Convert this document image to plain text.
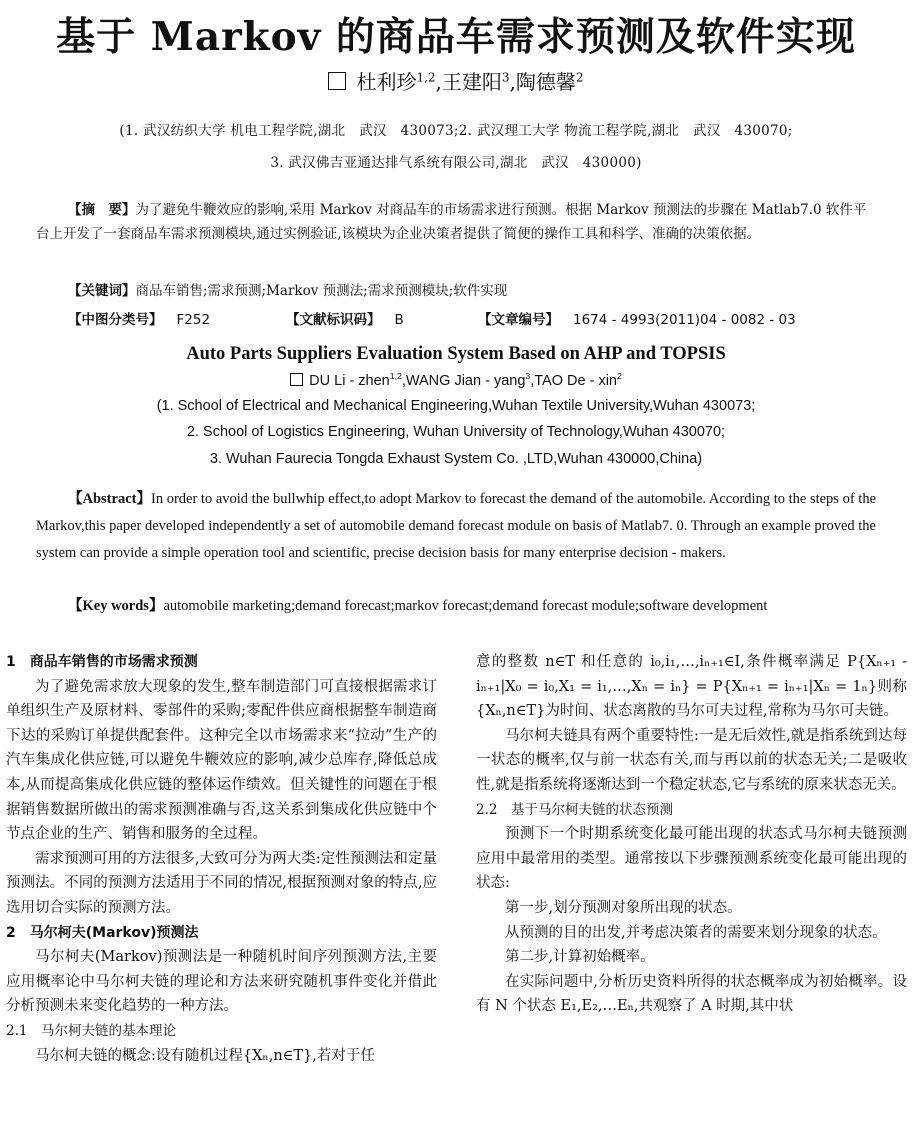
基于 Markov 的商品车需求预测及软件实现
杜利珍$^{1,2}$,王建阳$^3$,陶德馨$^2$
(1. 武汉纺织大学 机电工程学院,湖北　武汉　430073;2. 武汉理工大学 物流工程学院,湖北　武汉　430070;
3. 武汉佛吉亚通达排气系统有限公司,湖北　武汉　430000)
【摘　要】为了避免牛鞭效应的影响,采用 Markov 对商品车的市场需求进行预测。根据 Markov 预测法的步骤在 Matlab7.0 软件平台上开发了一套商品车需求预测模块,通过实例验证,该模块为企业决策者提供了简便的操作工具和科学、准确的决策依据。
【关键词】商品车销售;需求预测;Markov 预测法;需求预测模块;软件实现
【中图分类号】 F252	【文献标识码】 B	【文章编号】 1674 - 4993(2011)04 - 0082 - 03
Auto Parts Suppliers Evaluation System Based on AHP and TOPSIS
DU Li - zhen$^{1,2}$,WANG Jian - yang$^3$,TAO De - xin$^2$
(1. School of Electrical and Mechanical Engineering,Wuhan Textile University,Wuhan 430073;
2. School of Logistics Engineering, Wuhan University of Technology,Wuhan 430070;
3. Wuhan Faurecia Tongda Exhaust System Co. ,LTD,Wuhan 430000,China)
【Abstract】In order to avoid the bullwhip effect,to adopt Markov to forecast the demand of the automobile. According to the steps of the Markov,this paper developed independently a set of automobile demand forecast module on basis of Matlab7. 0. Through an example proved the system can provide a simple operation tool and scientific, precise decision basis for many enterprise decision - makers.
【Key words】automobile marketing;demand forecast;markov forecast;demand forecast module;software development

1　商品车销售的市场需求预测

为了避免需求放大现象的发生,整车制造部门可直接根据需求订单组织生产及原材料、零部件的采购;零配件供应商根据整车制造商下达的采购订单提供配套件。这种完全以市场需求来“拉动”生产的汽车集成化供应链,可以避免牛鞭效应的影响,减少总库存,降低总成本,从而提高集成化供应链的整体运作绩效。但关键性的问题在于根据销售数据所做出的需求预测准确与否,这关系到集成化供应链中个节点企业的生产、销售和服务的全过程。

需求预测可用的方法很多,大致可分为两大类:定性预测法和定量预测法。不同的预测方法适用于不同的情况,根据预测对象的特点,应选用切合实际的预测方法。

2　马尔柯夫(Markov)预测法

马尔柯夫(Markov)预测法是一种随机时间序列预测方法,主要应用概率论中马尔柯夫链的理论和方法来研究随机事件变化并借此分析预测未来变化趋势的一种方法。

2.1　马尔柯夫链的基本理论

马尔柯夫链的概念:设有随机过程{Xₙ,n∈T},若对于任

意的整数 n∈T 和任意的 i₀,i₁,…,iₙ₊₁∈I,条件概率满足 P{Xₙ₊₁ - iₙ₊₁|X₀ = i₀,X₁ = i₁,…,Xₙ = iₙ} = P{Xₙ₊₁ = iₙ₊₁|Xₙ = 1ₙ}则称{Xₙ,n∈T}为时间、状态离散的马尔可夫过程,常称为马尔可夫链。

马尔柯夫链具有两个重要特性:一是无后效性,就是指系统到达每一状态的概率,仅与前一状态有关,而与再以前的状态无关;二是吸收性,就是指系统将逐渐达到一个稳定状态,它与系统的原来状态无关。

2.2　基于马尔柯夫链的状态预测

预测下一个时期系统变化最可能出现的状态式马尔柯夫链预测应用中最常用的类型。通常按以下步骤预测系统变化最可能出现的状态:

第一步,划分预测对象所出现的状态。

从预测的目的出发,并考虑决策者的需要来划分现象的状态。

第二步,计算初始概率。

在实际问题中,分析历史资料所得的状态概率成为初始概率。设有 N 个状态 E₁,E₂,…Eₙ,共观察了 A 时期,其中状
